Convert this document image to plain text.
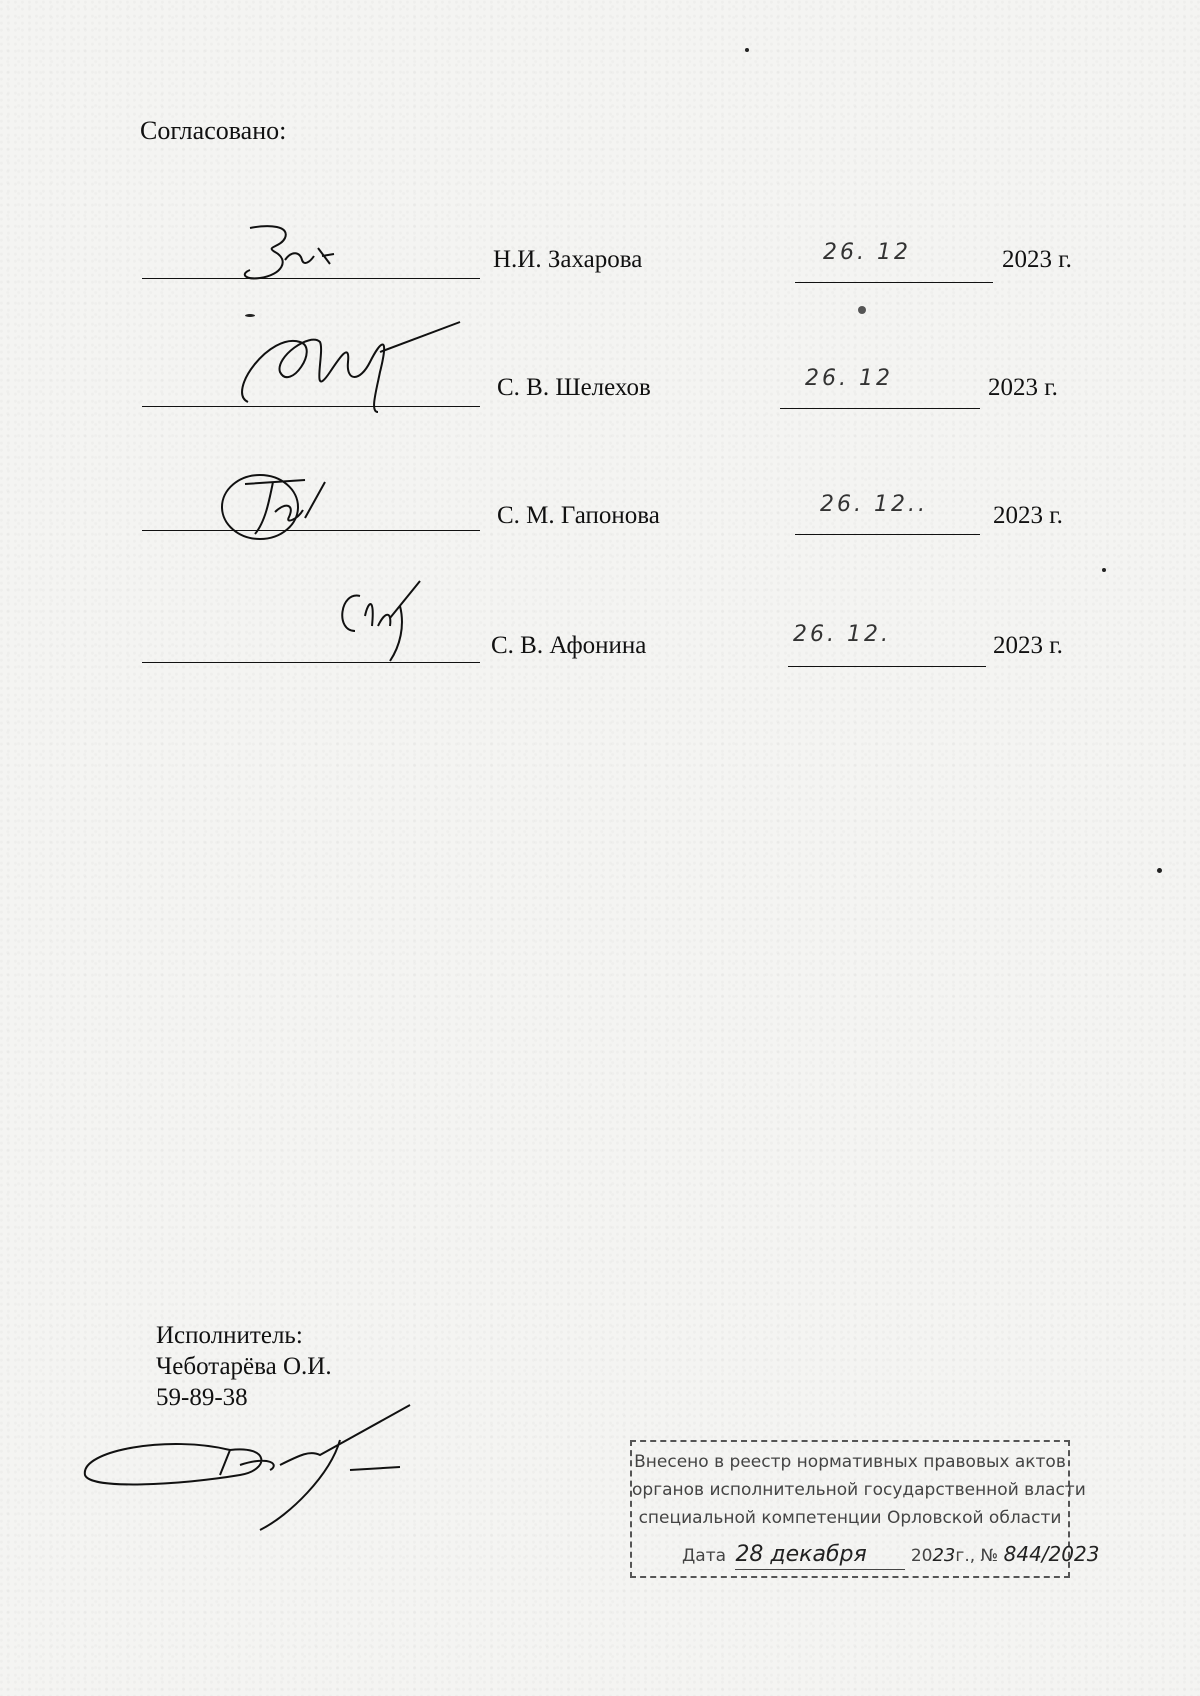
Согласовано:
Н.И. Захарова	26. 12	2023 г.
С. В. Шелехов	26. 12	2023 г.
С. М. Гапонова	26. 12..	2023 г.
С. В. Афонина	26. 12.	2023 г.
Исполнитель:
Чеботарёва О.И.
59-89-38
Внесено в реестр нормативных правовых актов
органов исполнительной государственной власти
специальной компетенции Орловской области
Дата 28 декабря	2023г., № 844/2023
